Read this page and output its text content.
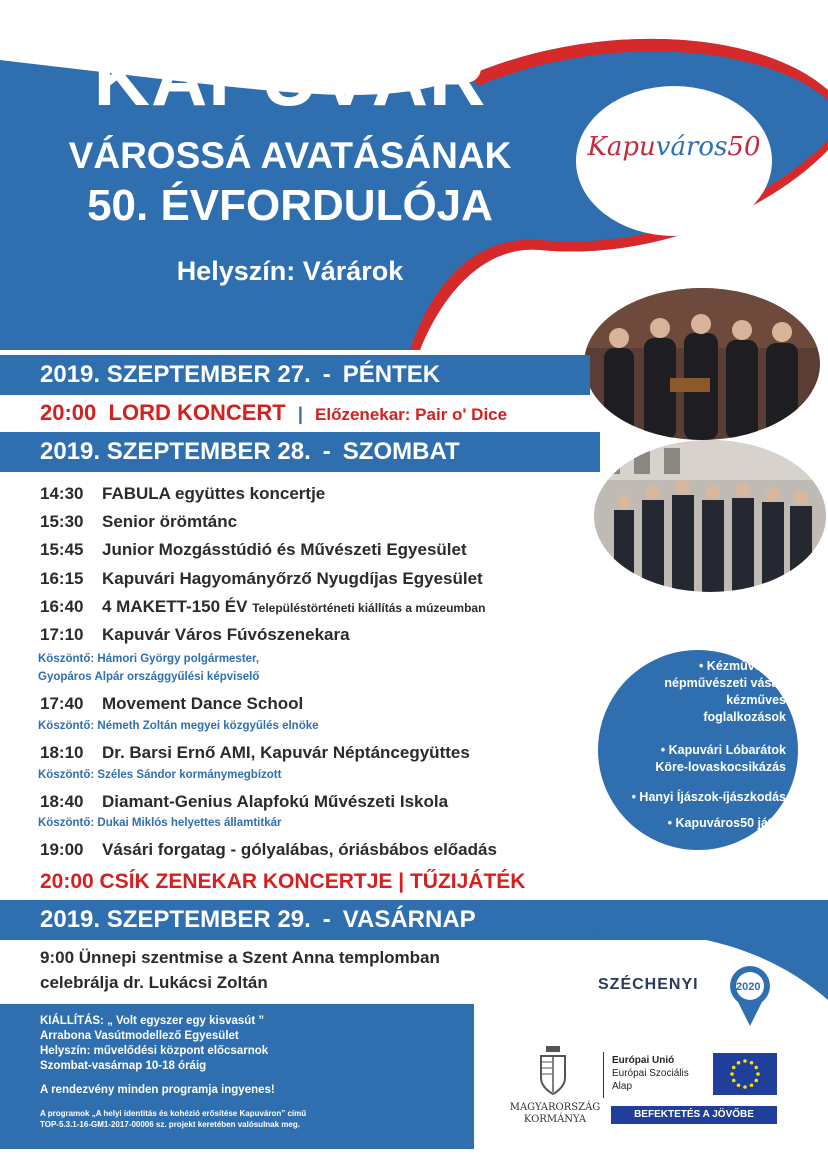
KAPUVÁR
VÁROSSÁ AVATÁSÁNAK
50. ÉVFORDULÓJA
Helyszín: Várárok
Kapuváros50
2019. SZEPTEMBER 27. - PÉNTEK
20:00 LORD KONCERT | Előzenekar: Pair o' Dice
2019. SZEPTEMBER 28. - SZOMBAT
14:30 FABULA együttes koncertje
15:30 Senior örömtánc
15:45 Junior Mozgásstúdió és Művészeti Egyesület
16:15 Kapuvári Hagyományőrző Nyugdíjas Egyesület
16:40 4 MAKETT-150 ÉV Településtörténeti kiállítás a múzeumban
17:10 Kapuvár Város Fúvószenekara
Köszöntő: Hámori György polgármester,
Gyopáros Alpár országgyűlési képviselő
17:40 Movement Dance School
Köszöntő: Németh Zoltán megyei közgyűlés elnöke
18:10 Dr. Barsi Ernő AMI, Kapuvár Néptáncegyüttes
Köszöntő: Széles Sándor kormánymegbízott
18:40 Diamant-Genius Alapfokú Művészeti Iskola
Köszöntő: Dukai Miklós helyettes államtitkár
19:00 Vásári forgatag - gólyalábas, óriásbábos előadás
20:00 CSÍK ZENEKAR KONCERTJE | TŰZIJÁTÉK
• Kézműves és
népművészeti vásár,
kézműves
foglalkozások
• Kapuvári Lóbarátok
Köre-lovaskocsikázás
• Hanyi Íjászok-íjászkodás
• Kapuváros50 játék
2019. SZEPTEMBER 29. - VASÁRNAP
9:00 Ünnepi szentmise a Szent Anna templomban
celebrálja dr. Lukácsi Zoltán
KIÁLLÍTÁS: „ Volt egyszer egy kisvasút ”
Arrabona Vasútmodellező Egyesület
Helyszín: művelődési központ előcsarnok
Szombat-vasárnap 10-18 óráig
A rendezvény minden programja ingyenes!
A programok „A helyi identitás és kohézió erősítése Kapuváron” című
TOP-5.3.1-16-GM1-2017-00006 sz. projekt keretében valósulnak meg.
SZÉCHENYI	2020
MAGYARORSZÁG
KORMÁNYA
Európai Unió
Európai Szociális
Alap
BEFEKTETÉS A JÖVŐBE
